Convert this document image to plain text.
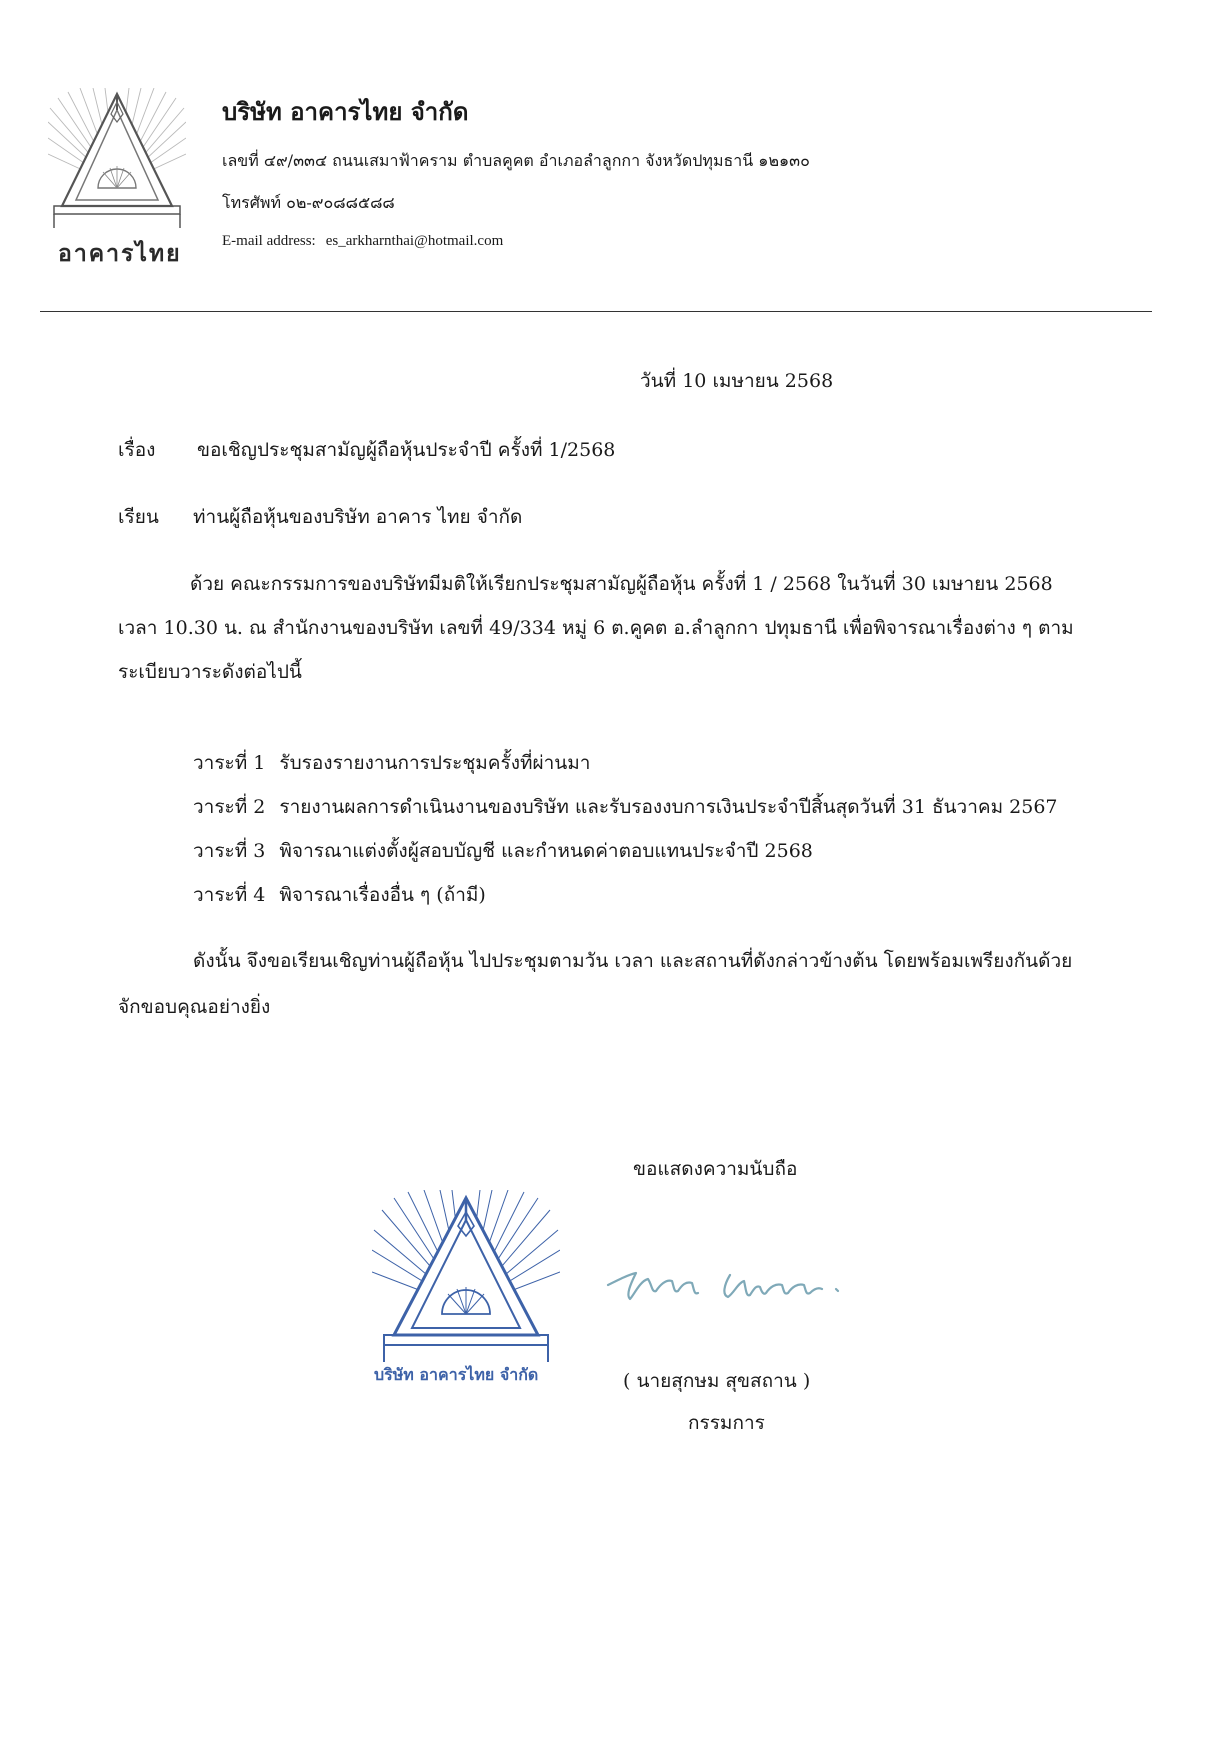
อาคารไทย
บริษัท อาคารไทย จำกัด
เลขที่ ๔๙/๓๓๔ ถนนเสมาฟ้าคราม ตำบลคูคต อำเภอลำลูกกา จังหวัดปทุมธานี ๑๒๑๓๐
โทรศัพท์ ๐๒-๙๐๘๘๕๘๘
E-mail address: es_arkharnthai@hotmail.com
วันที่ 10 เมษายน 2568
เรื่อง ขอเชิญประชุมสามัญผู้ถือหุ้นประจำปี ครั้งที่ 1/2568
เรียน ท่านผู้ถือหุ้นของบริษัท อาคาร ไทย จำกัด
ด้วย คณะกรรมการของบริษัทมีมติให้เรียกประชุมสามัญผู้ถือหุ้น ครั้งที่ 1 / 2568 ในวันที่ 30 เมษายน 2568
เวลา 10.30 น. ณ สำนักงานของบริษัท เลขที่ 49/334 หมู่ 6 ต.คูคต อ.ลำลูกกา ปทุมธานี เพื่อพิจารณาเรื่องต่าง ๆ ตาม
ระเบียบวาระดังต่อไปนี้
วาระที่ 1 รับรองรายงานการประชุมครั้งที่ผ่านมา
วาระที่ 2 รายงานผลการดำเนินงานของบริษัท และรับรองงบการเงินประจำปีสิ้นสุดวันที่ 31 ธันวาคม 2567
วาระที่ 3 พิจารณาแต่งตั้งผู้สอบบัญชี และกำหนดค่าตอบแทนประจำปี 2568
วาระที่ 4 พิจารณาเรื่องอื่น ๆ (ถ้ามี)
ดังนั้น จึงขอเรียนเชิญท่านผู้ถือหุ้น ไปประชุมตามวัน เวลา และสถานที่ดังกล่าวข้างต้น โดยพร้อมเพรียงกันด้วย
จักขอบคุณอย่างยิ่ง
ขอแสดงความนับถือ
บริษัท อาคารไทย จำกัด	( นายสุกษม สุขสถาน )
กรรมการ
